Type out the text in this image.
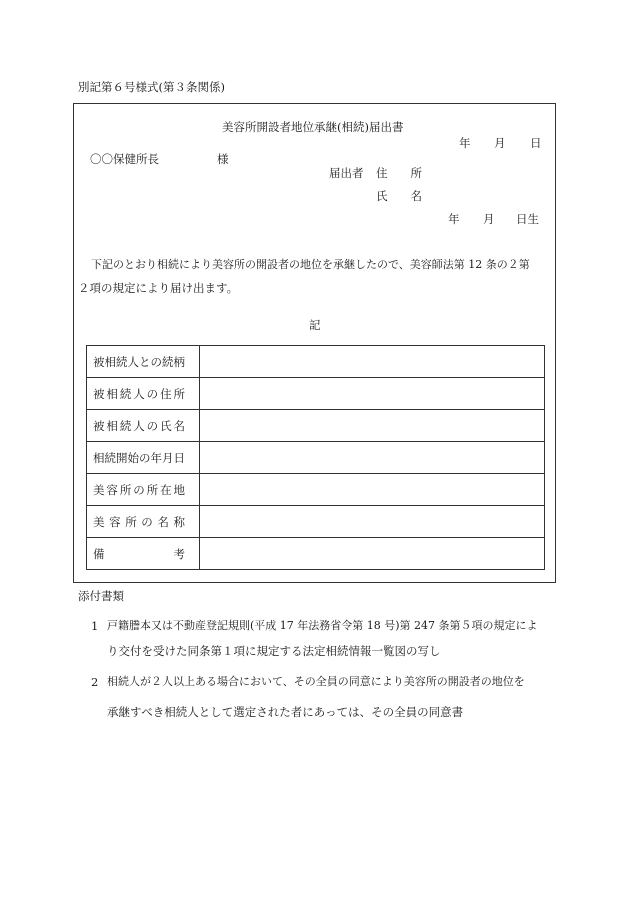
別記第６号様式(第３条関係)
美容所開設者地位承継(相続)届出書
年 月 日
〇〇保健所長	様
届出者 住　　所
氏　　名
年 月 日生
下記のとおり相続により美容所の開設者の地位を承継したので、美容師法第 12 条の２第
２項の規定により届け出ます。
記
被相続人との続柄	

被相続人の住所	

被相続人の氏名	

相続開始の年月日	

美容所の所在地	

美容所の名称	

備　　　　　考	

添付書類
1 戸籍謄本又は不動産登記規則(平成 17 年法務省令第 18 号)第 247 条第５項の規定によ
り交付を受けた同条第１項に規定する法定相続情報一覧図の写し
2 相続人が２人以上ある場合において、その全員の同意により美容所の開設者の地位を
承継すべき相続人として選定された者にあっては、その全員の同意書
